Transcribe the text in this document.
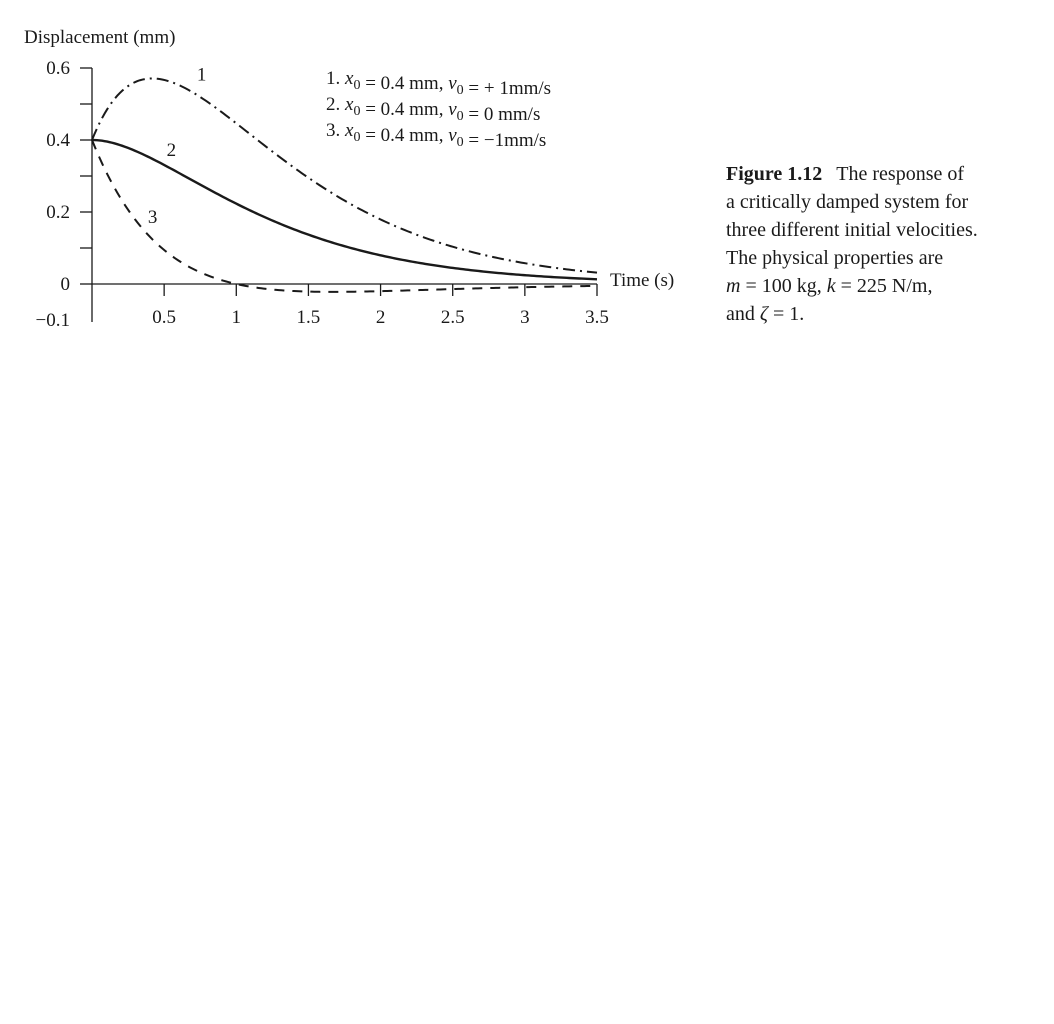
Displacement (mm)
0.6
0.4
0.2
0
−0.1	0.5	1	1.5	2	2.5	3	3.5
1
2
3
Time (s)
1. $x_0 = 0.4$ mm, $v_0$ = + 1mm/s
2. $x_0 = 0.4$ mm, $v_0 = 0$ mm/s
3. $x_0 = 0.4$ mm, $v_0 = -1mm/s$
Figure 1.12 The response of
a critically damped system for
three different initial velocities.
The physical properties are
m = 100 kg, k = 225 N/m,
and ζ = 1.
